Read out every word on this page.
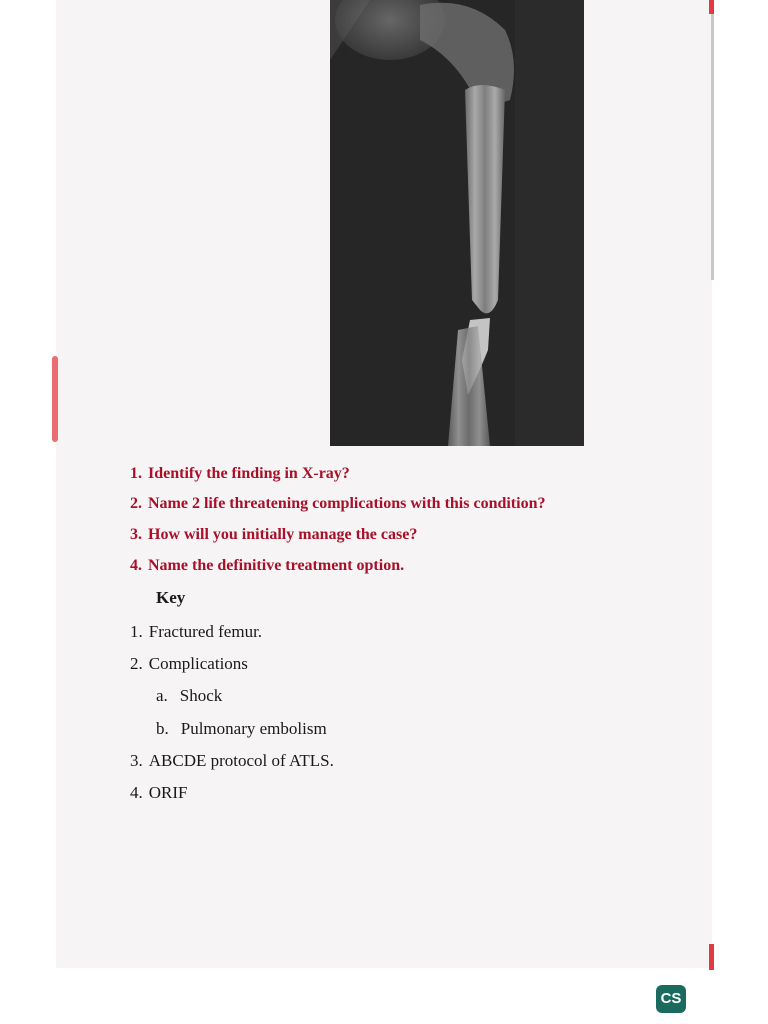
1. Identify the finding in X-ray?
2. Name 2 life threatening complications with this condition?
3. How will you initially manage the case?
4. Name the definitive treatment option.
Key
1. Fractured femur.
2. Complications
a. Shock
b. Pulmonary embolism
3. ABCDE protocol of ATLS.
4. ORIF
CS
